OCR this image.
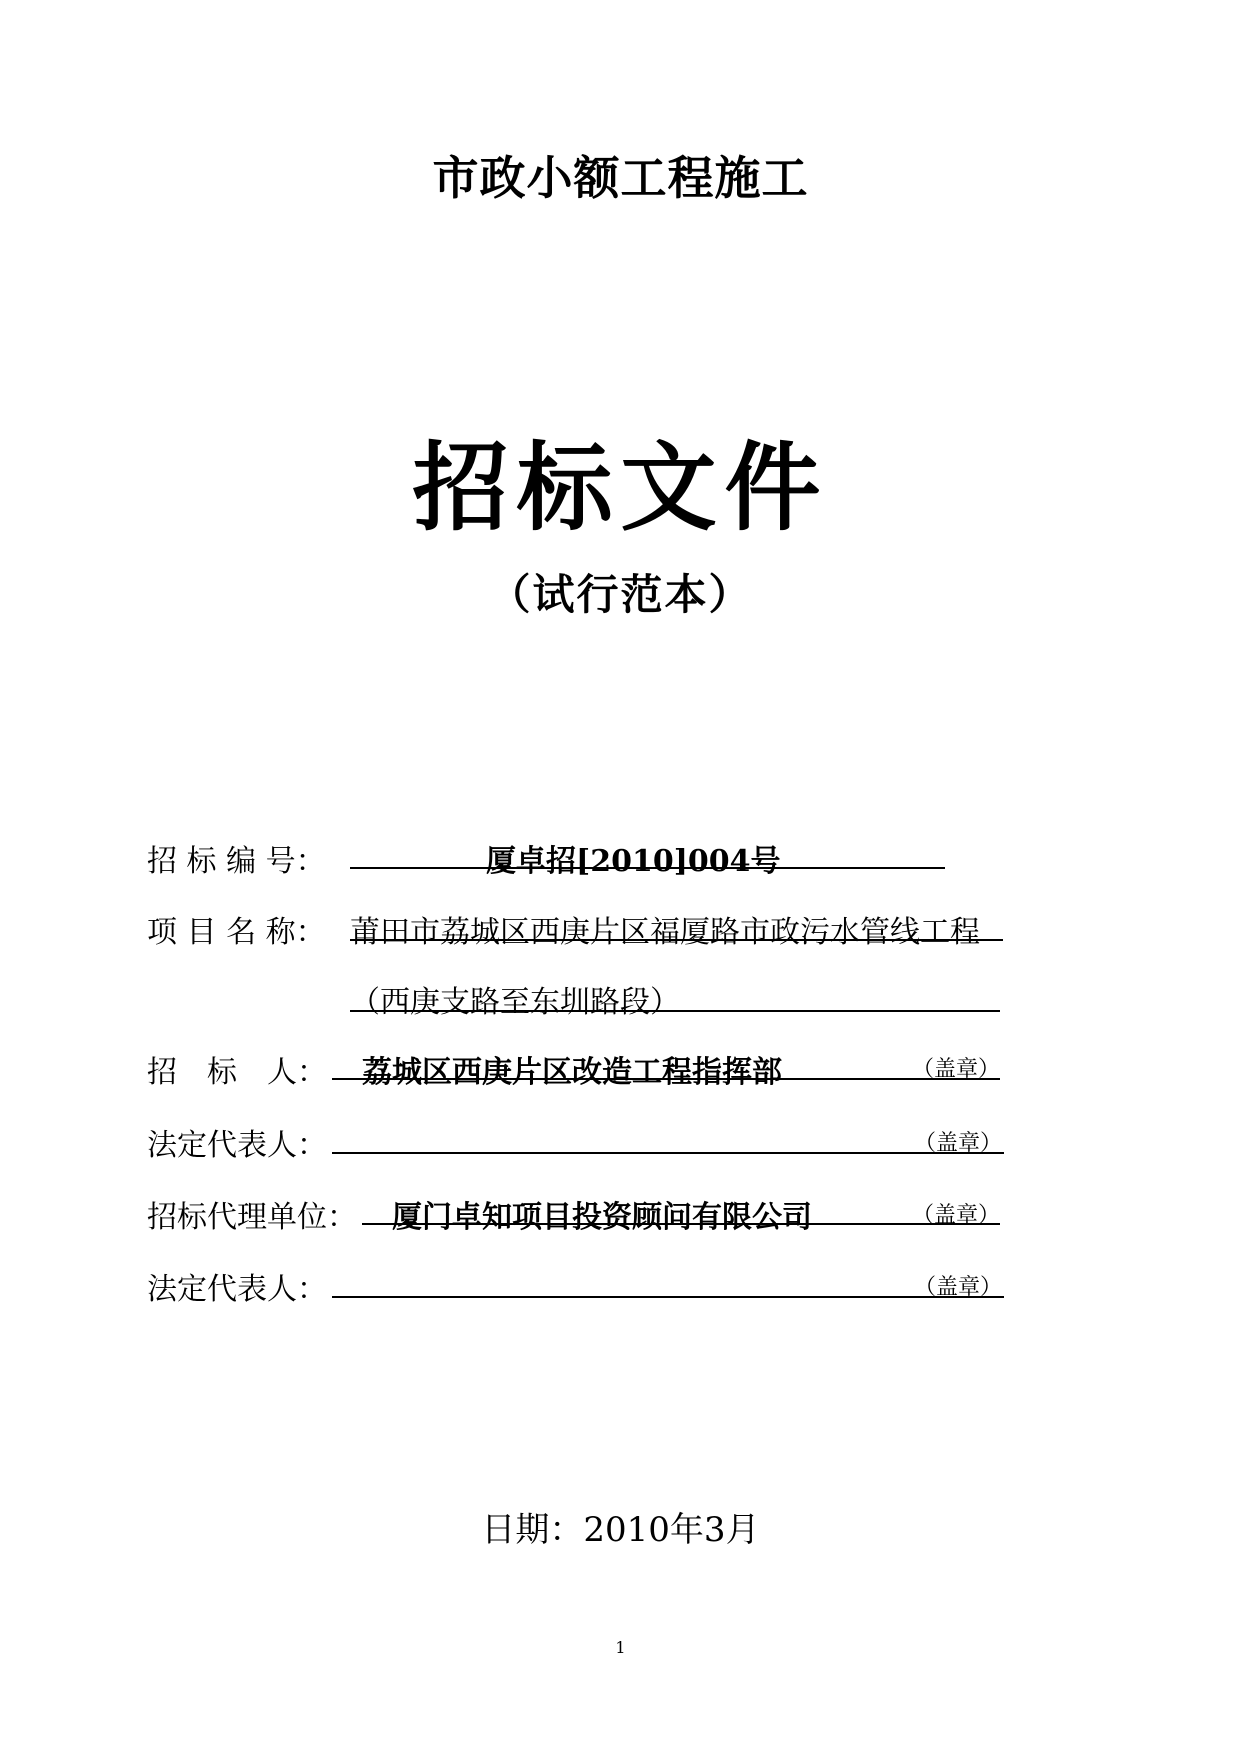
市政小额工程施工
招标文件
（试行范本）
招 标 编 号：	厦卓招[2010]004号
项 目 名 称： 莆田市荔城区西庚片区福厦路市政污水管线工程
（西庚支路至东圳路段）
招 标 人： 荔城区西庚片区改造工程指挥部	（盖章）
法定代表人：	（盖章）
招标代理单位： 厦门卓知项目投资顾问有限公司	（盖章）
法定代表人：	（盖章）
日期：2010年3月
1
